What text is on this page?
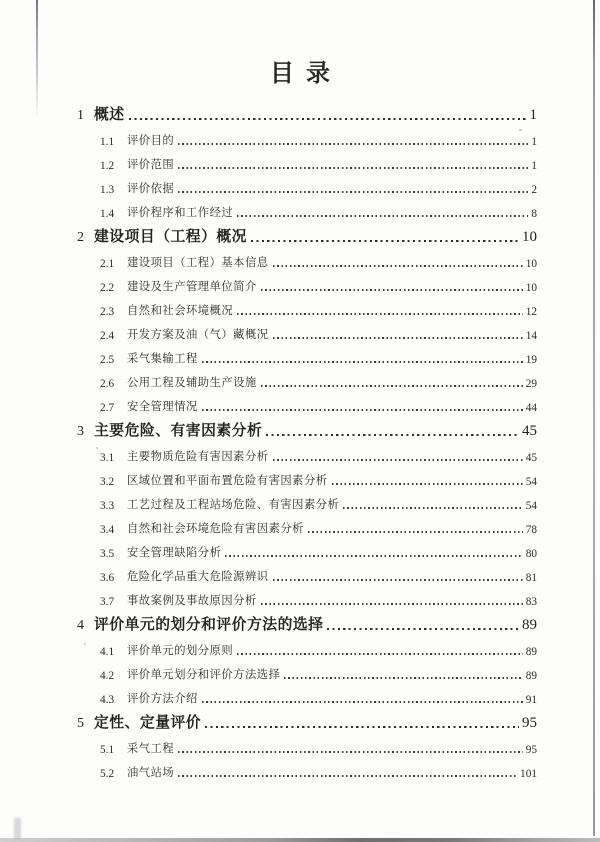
目  录
1 概述	1
1.1	评价目的	1
1.2	评价范围	1
1.3	评价依据	2
1.4	评价程序和工作经过	8
2 建设项目（工程）概况	10
2.1	建设项目（工程）基本信息	10
2.2	建设及生产管理单位简介	10
2.3	自然和社会环境概况	12
2.4	开发方案及油（气）藏概况	14
2.5	采气集输工程	19
2.6	公用工程及辅助生产设施	29
2.7	安全管理情况	44
3 主要危险、有害因素分析	45
3.1	主要物质危险有害因素分析	45
3.2	区域位置和平面布置危险有害因素分析	54
3.3	工艺过程及工程站场危险、有害因素分析	54
3.4	自然和社会环境危险有害因素分析	78
3.5	安全管理缺陷分析	80
3.6	危险化学品重大危险源辨识	81
3.7	事故案例及事故原因分析	83
4 评价单元的划分和评价方法的选择	89
4.1	评价单元的划分原则	89
4.2	评价单元划分和评价方法选择	89
4.3	评价方法介绍	91
5 定性、定量评价	95
5.1	采气工程	95
5.2	油气站场	101
